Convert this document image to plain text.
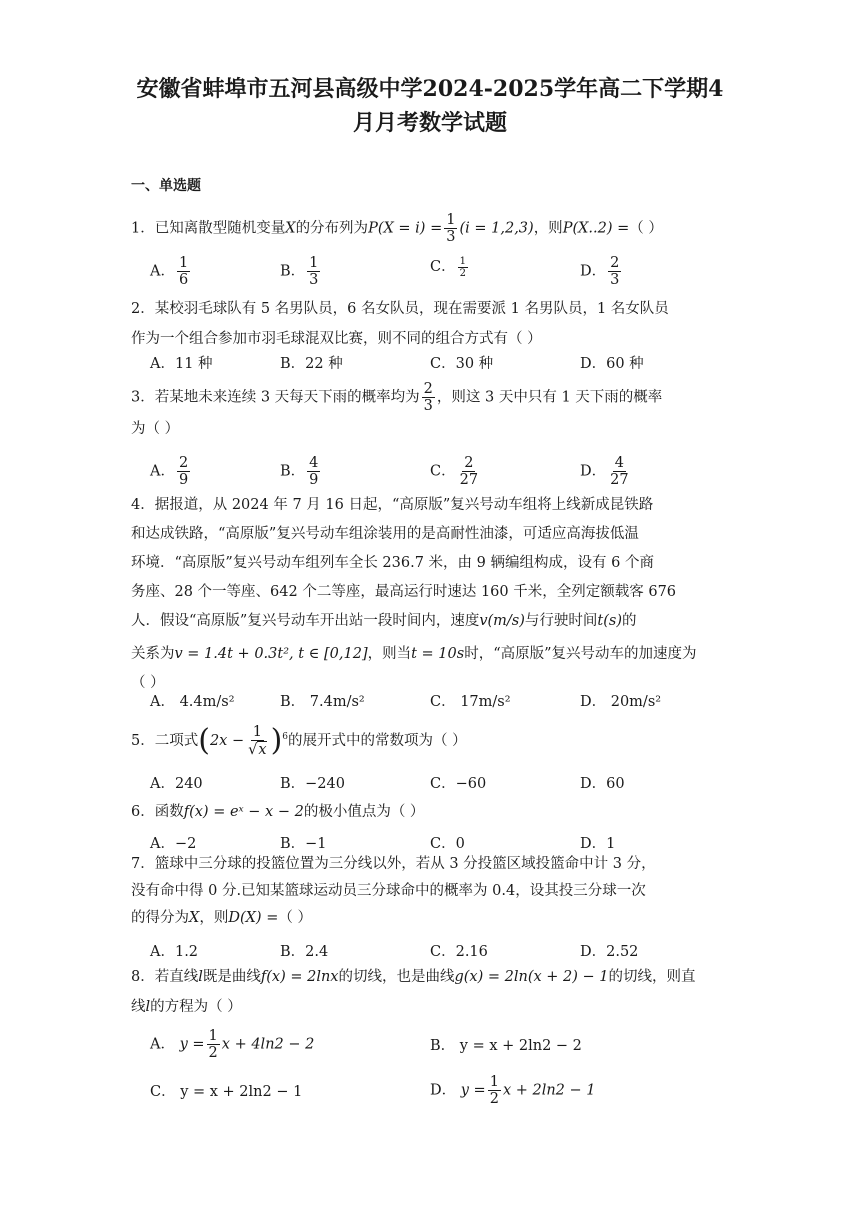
安徽省蚌埠市五河县高级中学2024-2025学年高二下学期4
月月考数学试题
一、单选题
1．已知离散型随机变量X的分布列为$P(X = i) = \frac{1}{3} (i = 1,2,3)$，则P(X..2) =（ ）
A． $\frac{1}{6}$	B． $\frac{1}{3}$	C． $\frac{1}{2}$	D． $\frac{2}{3}$
2．某校羽毛球队有 5 名男队员，6 名女队员，现在需要派 1 名男队员，1 名女队员
作为一个组合参加市羽毛球混双比赛，则不同的组合方式有（ ）
A．11 种	B．22 种	C．30 种	D．60 种
3．若某地未来连续 3 天每天下雨的概率均为 $\frac{2}{3}$ ，则这 3 天中只有 1 天下雨的概率
为（ ）
A． $\frac{2}{9}$	B． $\frac{4}{9}$	C． $\frac{2}{27}$	D． $\frac{4}{27}$
4．据报道，从 2024 年 7 月 16 日起，“高原版”复兴号动车组将上线新成昆铁路
和达成铁路，“高原版”复兴号动车组涂装用的是高耐性油漆，可适应高海拔低温
环境．“高原版”复兴号动车组列车全长 236.7 米，由 9 辆编组构成，设有 6 个商
务座、28 个一等座、642 个二等座，最高运行时速达 160 千米，全列定额载客 676
人．假设“高原版”复兴号动车开出站一段时间内，速度v(m/s)与行驶时间t(s)的
关系为v = 1.4t + 0.3t², t ∈ [0,12]，则当t = 10s时，“高原版”复兴号动车的加速度为
（ ）
A． 4.4m/s²	B． 7.4m/s²	C． 17m/s²	D． 20m/s²
5．二项式$(2x - \frac{1}{√x} )^6$的展开式中的常数项为（ ）
A．240	B．−240	C．−60	D．60
6．函数f(x) = eˣ − x − 2的极小值点为（ ）
A．−2	B．−1	C．0	D．1
7．篮球中三分球的投篮位置为三分线以外，若从 3 分投篮区域投篮命中计 3 分，
没有命中得 0 分.已知某篮球运动员三分球命中的概率为 0.4，设其投三分球一次
的得分为X，则D(X) =（ ）
A．1.2	B．2.4	C．2.16	D．2.52
8．若直线l既是曲线f(x) = 2lnx的切线，也是曲线g(x) = 2ln(x + 2) − 1的切线，则直
线l的方程为（ ）
A． $y = \frac{1}{2}$ x + 4ln2 − 2	B． y = x + 2ln2 − 2
C． y = x + 2ln2 − 1	D． $y = \frac{1}{2}$ x + 2ln2 − 1
